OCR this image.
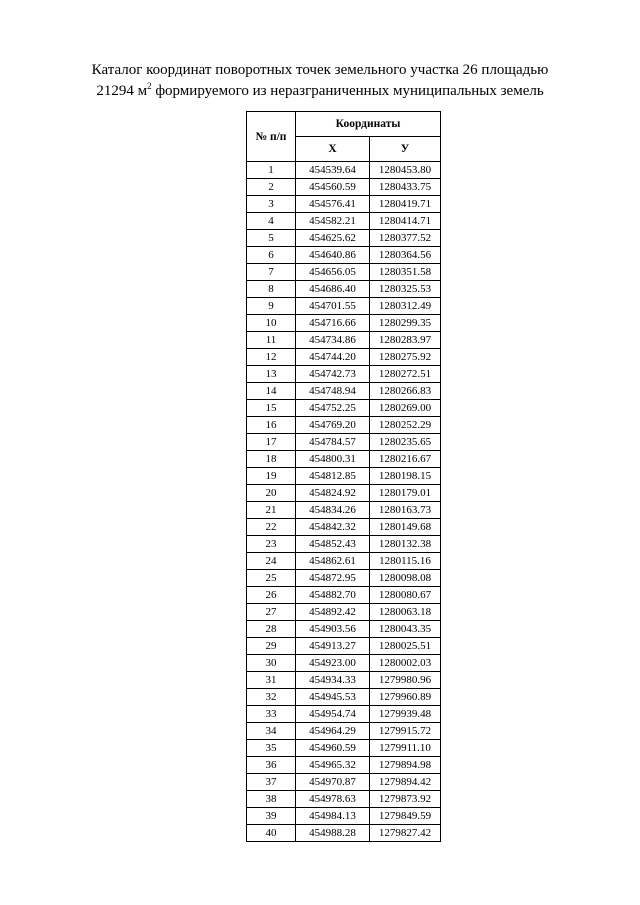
Каталог координат поворотных точек земельного участка 26 площадью
21294 $м^2$ формируемого из неразграниченных муниципальных земель
№ п/п	Координаты	
	Х	У
1	454539.64	1280453.80
2	454560.59	1280433.75
3	454576.41	1280419.71
4	454582.21	1280414.71
5	454625.62	1280377.52
6	454640.86	1280364.56
7	454656.05	1280351.58
8	454686.40	1280325.53
9	454701.55	1280312.49
10	454716.66	1280299.35
11	454734.86	1280283.97
12	454744.20	1280275.92
13	454742.73	1280272.51
14	454748.94	1280266.83
15	454752.25	1280269.00
16	454769.20	1280252.29
17	454784.57	1280235.65
18	454800.31	1280216.67
19	454812.85	1280198.15
20	454824.92	1280179.01
21	454834.26	1280163.73
22	454842.32	1280149.68
23	454852.43	1280132.38
24	454862.61	1280115.16
25	454872.95	1280098.08
26	454882.70	1280080.67
27	454892.42	1280063.18
28	454903.56	1280043.35
29	454913.27	1280025.51
30	454923.00	1280002.03
31	454934.33	1279980.96
32	454945.53	1279960.89
33	454954.74	1279939.48
34	454964.29	1279915.72
35	454960.59	1279911.10
36	454965.32	1279894.98
37	454970.87	1279894.42
38	454978.63	1279873.92
39	454984.13	1279849.59
40	454988.28	1279827.42
